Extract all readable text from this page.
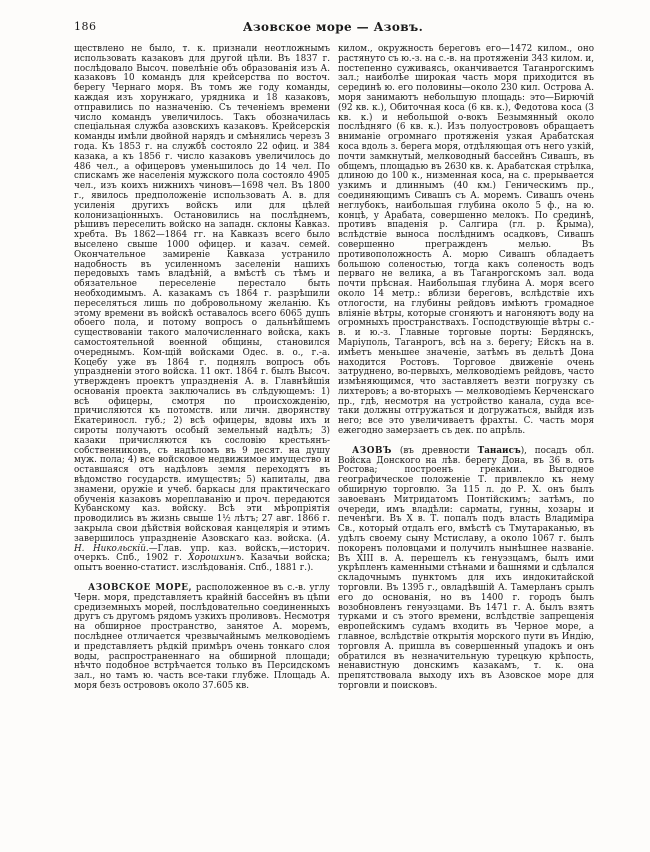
186	Азовское море — Азовъ.

ществлено не было, т. к. признали неотложнымъ использовать казаковъ для другой цѣли. Въ 1837 г. послѣдовало Высоч. повелѣніе объ образованія изъ А. казаковъ 10 командъ для крейсерства по восточ. берегу Чернаго моря. Въ томъ же году команды, каждая изъ хорунжаго, урядника и 18 казаковъ, отправились по назначенію. Съ теченіемъ времени число командъ увеличилось. Такъ обозначилась спеціальная служба азовскихъ казаковъ. Крейсерскія команды имѣли двойной нарядъ и смѣнялись черезъ 3 года. Къ 1853 г. на службѣ состояло 22 офиц. и 384 казака, а къ 1856 г. число казаковъ увеличилось до 486 чел., а офицеровъ уменьшилось до 14 чел. По спискамъ же населенія мужского пола состояло 4905 чел., изъ коихъ нижнихъ чиновъ—1698 чел. Въ 1800 г., явилось предположеніе использовать А. в. для усиленія другихъ войскъ или для цѣлей колонизаціонныхъ. Остановились на послѣднемъ, рѣшивъ переселить войско на западн. склоны Кавказ. хребта. Въ 1862—1864 гг. на Кавказъ всего было выселено свыше 1000 офицер. и казач. семей. Окончательное замиреніе Кавказа устранило надобность въ усиленномъ заселеніи нашихъ передовыхъ тамъ владѣній, а вмѣстѣ съ тѣмъ и обязательное переселеніе перестало быть необходимымъ. А. казакамъ съ 1864 г. разрѣшили переселяться лишь по добровольному желанію. Къ этому времени въ войскѣ оставалось всего 6065 душъ обоего пола, и потому вопросъ о дальнѣйшемъ существованіи такого малочисленнаго войска, какъ самостоятельной военной общины, становился очереднымъ. Ком-щій войсками Одес. в. о., г.-а. Коцебу уже въ 1864 г. поднялъ вопросъ объ упраздненіи этого войска. 11 окт. 1864 г. былъ Высоч. утвержденъ проектъ упраздненія А. в. Главнѣйшія основанія проекта заключались въ слѣдующемъ: 1) всѣ офицеры, смотря по происхожденію, причисляются къ потомств. или личн. дворянству Екатериносл. губ.; 2) всѣ офицеры, вдовы ихъ и сироты получаютъ особый земельный надѣлъ; 3) казаки причисляются къ сословію крестьянъ-собственниковъ, съ надѣломъ въ 9 десят. на душу муж. пола; 4) все войсковое недвижимое имущество и оставшаяся отъ надѣловъ земля переходятъ въ вѣдомство государств. имуществъ; 5) капиталы, два знамени, оружіе и учеб. баркасы для практическаго обученія казаковъ мореплаванію и проч. передаются Кубанскому каз. войску. Всѣ эти мѣропріятія проводились въ жизнь свыше 1½ лѣтъ; 27 авг. 1866 г. закрыла свои дѣйствія войсковая канцелярія и этимъ завершилось упраздненіе Азовскаго каз. войска. (А. Н. Никольскій.—Глав. упр. каз. войскъ,—историч. очеркъ. Спб., 1902 г. Хорошхинъ. Казачьи войска; опытъ военно-статист. изслѣдованія. Спб., 1881 г.).

АЗОВСКОЕ МОРЕ, расположенное въ с.-в. углу Черн. моря, представляетъ крайній бассейнъ въ цѣпи средиземныхъ морей, послѣдовательно соединенныхъ другъ съ другомъ рядомъ узкихъ проливовъ. Несмотря на обширное пространство, занятое А. моремъ, послѣднее отличается чрезвычайнымъ мелководіемъ и представляетъ рѣдкій примѣръ очень тонкаго слоя воды, распространеннаго на обширной площади; нѣчто подобное встрѣчается только въ Персидскомъ зал., но тамъ ю. часть все-таки глубже. Площадь А. моря безъ острововъ около 37.605 кв.

килом., окружность береговъ его—1472 килом., оно растянуто съ ю.-з. на с.-в. на протяженіи 343 килом. и, постепенно суживаясь, оканчивается Таганрогскимъ зал.; наиболѣе широкая часть моря приходится въ серединѣ ю. его половины—около 230 кил. Острова А. моря занимаютъ небольшую площадь: это—Бирючій (92 кв. к.), Обиточная коса (6 кв. к.), Федотова коса (3 кв. к.) и небольшой о-вокъ Безымянный около послѣдняго (6 кв. к.). Изъ полуострововъ обращаетъ вниманіе огромнаго протяженія узкая Арабатская коса вдоль з. берега моря, отдѣляющая отъ него узкій, почти замкнутый, мелководный бассейнъ Сивашъ, въ общемъ, площадью въ 2630 кв. к. Арабатская стрѣлка, длиною до 100 к., низменная коса, на с. прерывается узкимъ и длиннымъ (40 км.) Геническимъ пр., соединяющимъ Сивашъ съ А. моремъ. Сивашъ очень неглубокъ, наибольшая глубина около 5 ф., на ю. концѣ, у Арабата, совершенно мелокъ. По срединѣ, противъ впаденія р. Салгира (гл. р. Крыма), вслѣдствіе выноса послѣднимъ осадковъ, Сивашъ совершенно прегражденъ мелью. Въ противоположность А. морю Сивашъ обладаетъ большою соленостью, тогда какъ соленость водъ перваго не велика, а въ Таганрогскомъ зал. вода почти прѣсная. Наибольшая глубина А. моря всего около 14 метр.: вблизи береговъ, вслѣдствіе ихъ отлогости, на глубины рейдовъ имѣютъ громадное вліяніе вѣтры, которые сгоняютъ и нагоняютъ воду на огромныхъ пространствахъ. Господствующіе вѣтры с.-в. и ю.-з. Главные торговые порты: Бердянскъ, Маріуполь, Таганрогъ, всѣ на з. берегу; Ейскъ на в. имѣетъ меньшее значеніе, затѣмъ въ дельтѣ Дона находится Ростовъ. Торговое движеніе очень затруднено, во-первыхъ, мелководіемъ рейдовъ, часто измѣняющимся, что заставляетъ везти погрузку съ лихтеровъ; а во-вторыхъ — мелководіемъ Керченскаго пр., гдѣ, несмотря на устройство канала, суда все-таки должны отгружаться и догружаться, выйдя изъ него; все это увеличиваетъ фрахты. С. часть моря ежегодно замерзаетъ съ дек. по апрѣль.

АЗОВЪ (въ древности Танаисъ), посадъ обл. Войска Донского на лѣв. берегу Дона, въ 36 в. отъ Ростова; построенъ греками. Выгодное географическое положеніе Т. привлекло къ нему обширную торговлю. За 115 л. до Р. Х. онъ былъ завоеванъ Митридатомъ Понтійскимъ; затѣмъ, по очереди, имъ владѣли: сарматы, гунны, хозары и печенѣги. Въ X в. Т. попалъ подъ власть Владиміра Св., который отдалъ его, вмѣстѣ съ Тмутараканью, въ удѣлъ своему сыну Мстиславу, а около 1067 г. былъ покоренъ половцами и получилъ нынѣшнее названіе. Въ XIII в. А. перешелъ къ генуэзцамъ, былъ ими укрѣпленъ каменными стѣнами и башнями и сдѣлался складочнымъ пунктомъ для ихъ индокитайской торговли. Въ 1395 г., овладѣвшій А. Тамерланъ срылъ его до основанія, но въ 1400 г. городъ былъ возобновленъ генуэзцами. Въ 1471 г. А. былъ взятъ турками и съ этого времени, вслѣдствіе запрещенія европейскимъ судамъ входить въ Черное море, а главное, вслѣдствіе открытія морского пути въ Индію, торговля А. пришла въ совершенный упадокъ и онъ обратился въ незначительную турецкую крѣпость, ненавистную донскимъ казакамъ, т. к. она препятствовала выходу ихъ въ Азовское море для торговли и поисковъ.
